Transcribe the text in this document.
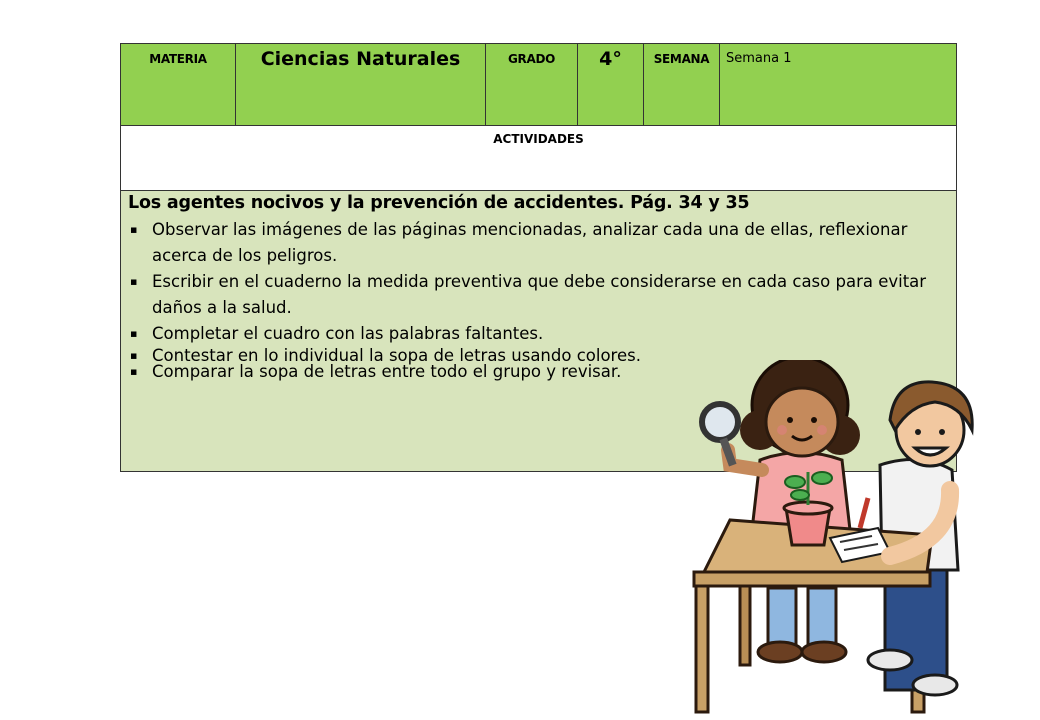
MATERIA	Ciencias Naturales	GRADO	4°	SEMANA	Semana 1
ACTIVIDADES

Los agentes nocivos y la prevención de accidentes. Pág. 34 y 35
▪ Observar las imágenes de las páginas mencionadas, analizar cada una de ellas, reflexionar acerca de los peligros.
▪ Escribir en el cuaderno la medida preventiva que debe considerarse en cada caso para evitar daños a la salud.
▪ Completar el cuadro con las palabras faltantes.
▪ Contestar en lo individual la sopa de letras usando colores.
▪ Comparar la sopa de letras entre todo el grupo y revisar.
